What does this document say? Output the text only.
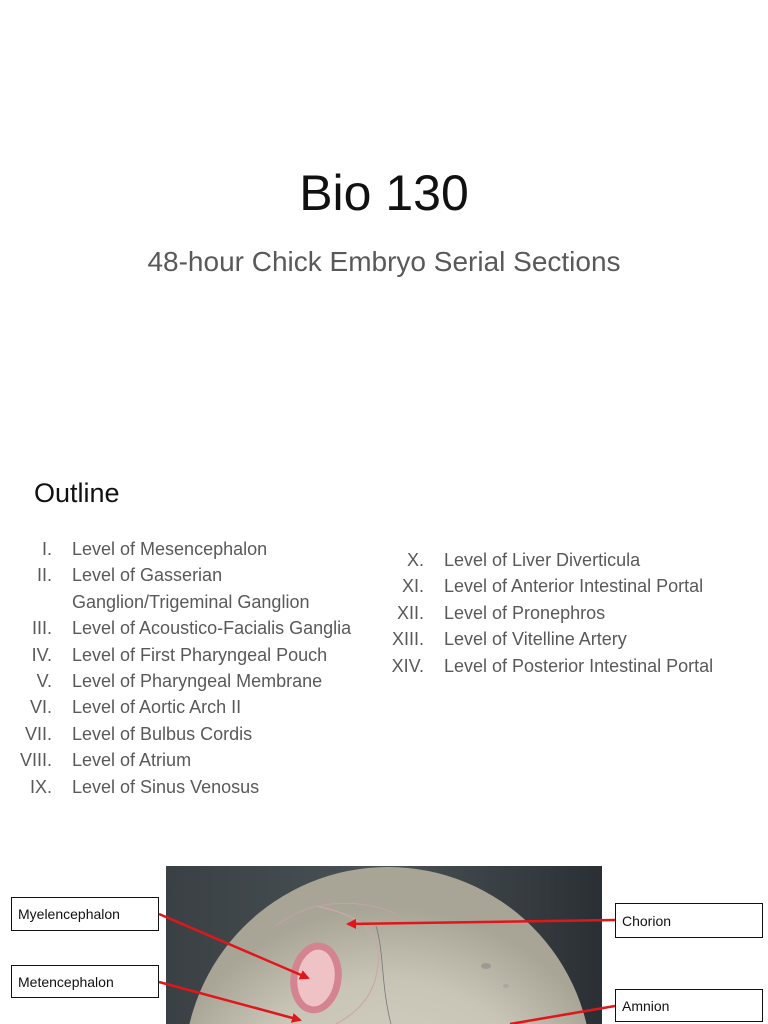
Bio 130
48-hour Chick Embryo Serial Sections
Outline
I. Level of Mesencephalon
II. Level of Gasserian Ganglion/Trigeminal Ganglion
III. Level of Acoustico-Facialis Ganglia
IV. Level of First Pharyngeal Pouch
V. Level of Pharyngeal Membrane
VI. Level of Aortic Arch II
VII. Level of Bulbus Cordis
VIII. Level of Atrium
IX. Level of Sinus Venosus
X. Level of Liver Diverticula
XI. Level of Anterior Intestinal Portal
XII. Level of Pronephros
XIII. Level of Vitelline Artery
XIV. Level of Posterior Intestinal Portal
Myelencephalon
Metencephalon
Chorion
Amnion
